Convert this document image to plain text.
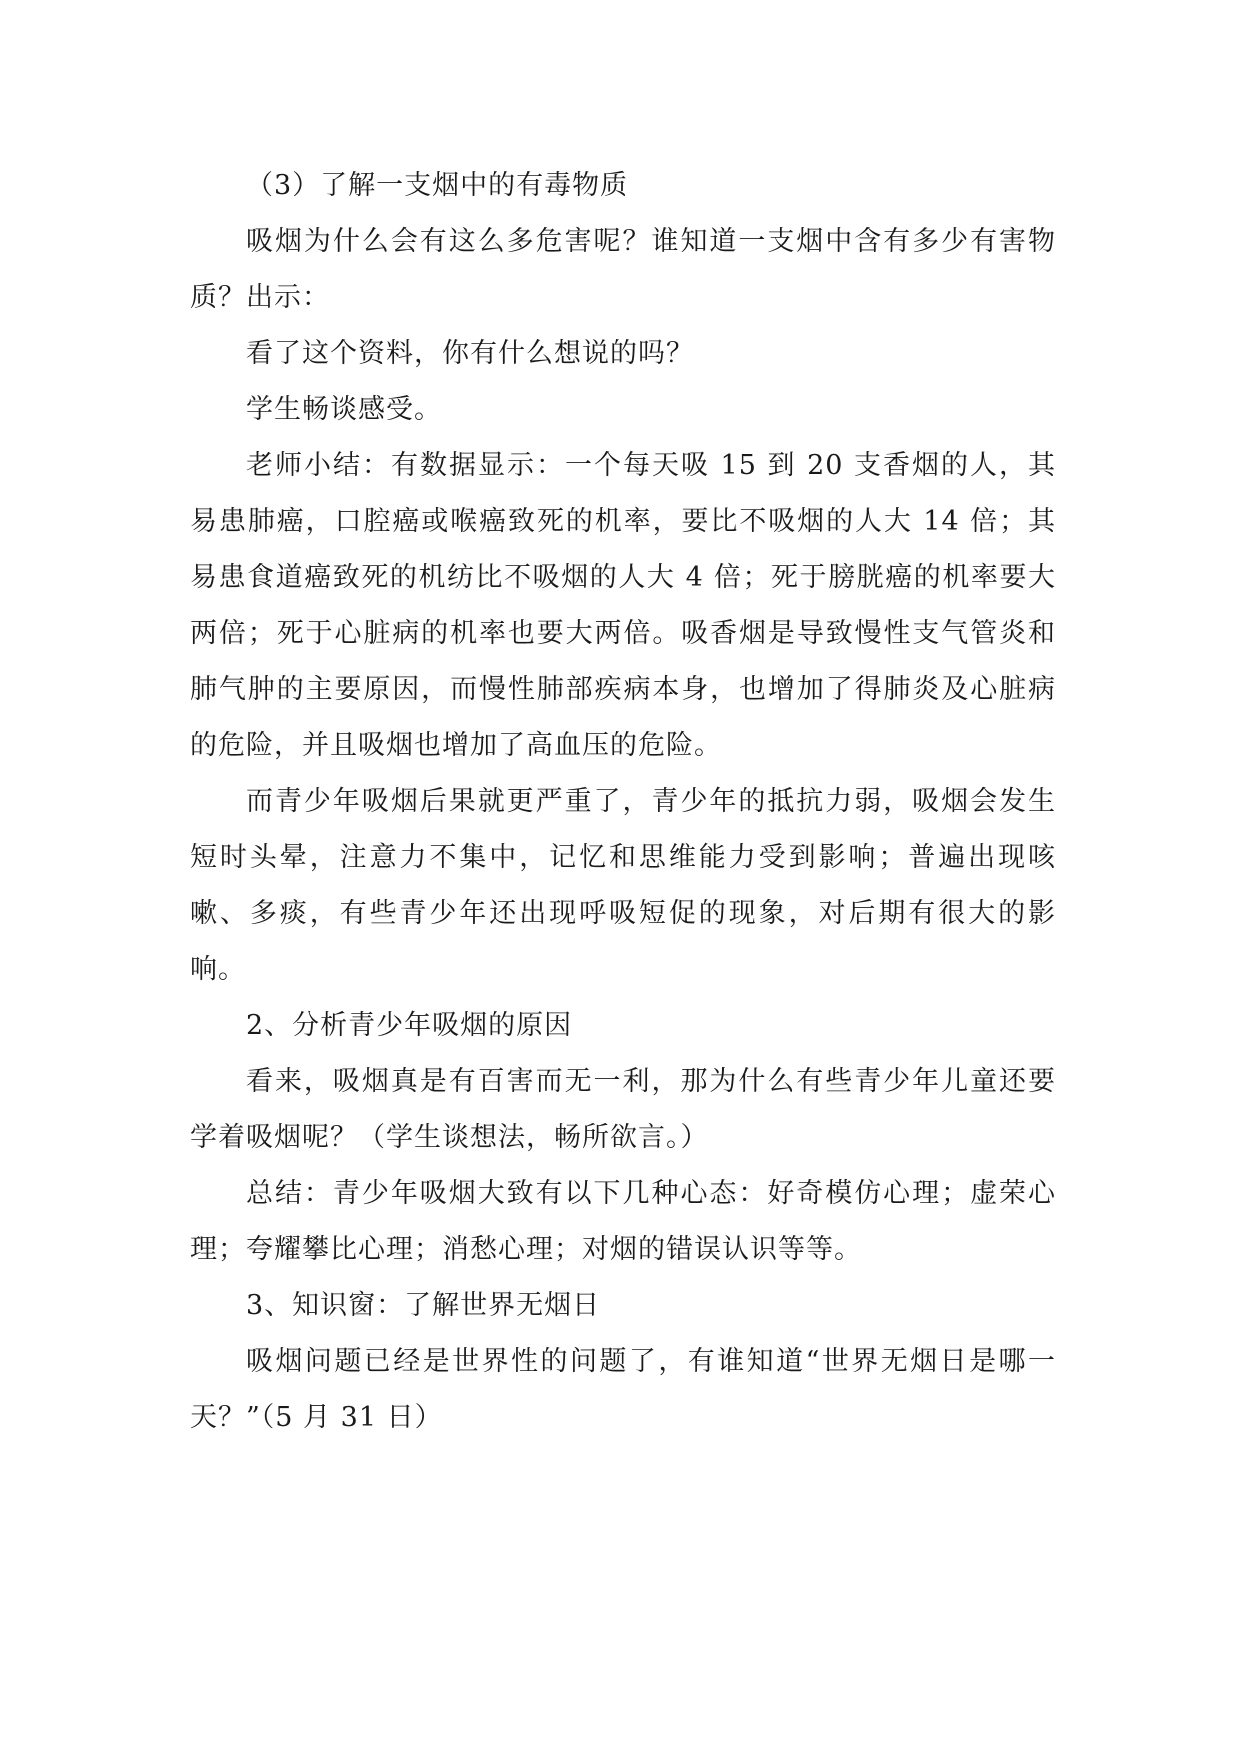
（3）了解一支烟中的有毒物质

吸烟为什么会有这么多危害呢？谁知道一支烟中含有多少有害物质？出示：

看了这个资料，你有什么想说的吗？

学生畅谈感受。

老师小结：有数据显示：一个每天吸 15 到 20 支香烟的人，其易患肺癌，口腔癌或喉癌致死的机率，要比不吸烟的人大 14 倍；其易患食道癌致死的机纺比不吸烟的人大 4 倍；死于膀胱癌的机率要大两倍；死于心脏病的机率也要大两倍。吸香烟是导致慢性支气管炎和肺气肿的主要原因，而慢性肺部疾病本身，也增加了得肺炎及心脏病的危险，并且吸烟也增加了高血压的危险。

而青少年吸烟后果就更严重了，青少年的抵抗力弱，吸烟会发生短时头晕，注意力不集中，记忆和思维能力受到影响；普遍出现咳嗽、多痰，有些青少年还出现呼吸短促的现象，对后期有很大的影响。

2、分析青少年吸烟的原因

看来，吸烟真是有百害而无一利，那为什么有些青少年儿童还要学着吸烟呢？（学生谈想法，畅所欲言。）

总结：青少年吸烟大致有以下几种心态：好奇模仿心理；虚荣心理；夸耀攀比心理；消愁心理；对烟的错误认识等等。

3、知识窗：了解世界无烟日

吸烟问题已经是世界性的问题了，有谁知道“世界无烟日是哪一天？”（5 月 31 日）
